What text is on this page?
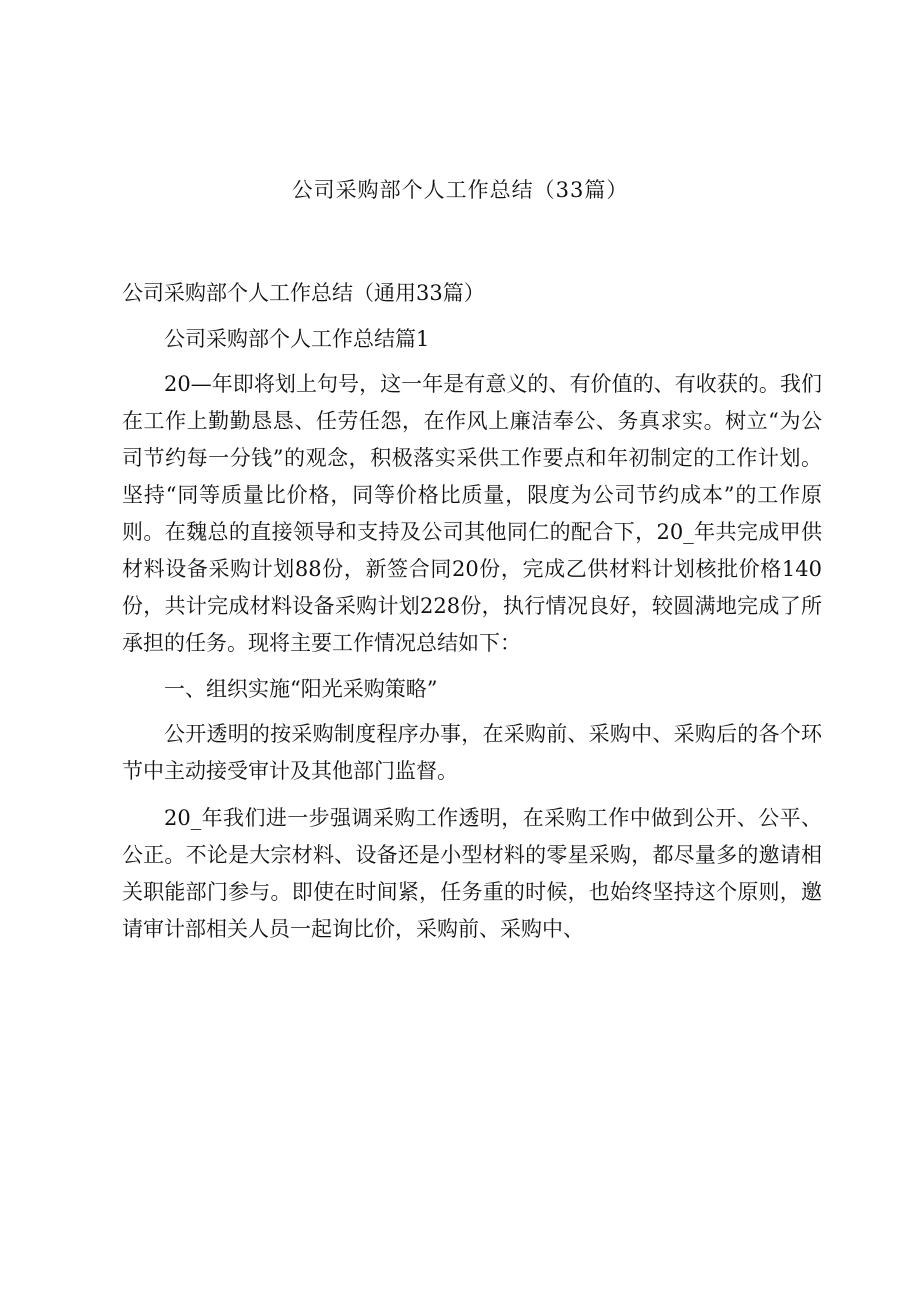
公司采购部个人工作总结（33篇）

公司采购部个人工作总结（通用33篇）

公司采购部个人工作总结篇1

20—年即将划上句号，这一年是有意义的、有价值的、有收获的。我们在工作上勤勤恳恳、任劳任怨，在作风上廉洁奉公、务真求实。树立“为公司节约每一分钱”的观念，积极落实采供工作要点和年初制定的工作计划。坚持“同等质量比价格，同等价格比质量，限度为公司节约成本”的工作原则。在魏总的直接领导和支持及公司其他同仁的配合下，20_年共完成甲供材料设备采购计划88份，新签合同20份，完成乙供材料计划核批价格140份，共计完成材料设备采购计划228份，执行情况良好，较圆满地完成了所承担的任务。现将主要工作情况总结如下：

一、组织实施“阳光采购策略”

公开透明的按采购制度程序办事，在采购前、采购中、采购后的各个环节中主动接受审计及其他部门监督。

20_年我们进一步强调采购工作透明，在采购工作中做到公开、公平、公正。不论是大宗材料、设备还是小型材料的零星采购，都尽量多的邀请相关职能部门参与。即使在时间紧，任务重的时候，也始终坚持这个原则，邀请审计部相关人员一起询比价，采购前、采购中、
